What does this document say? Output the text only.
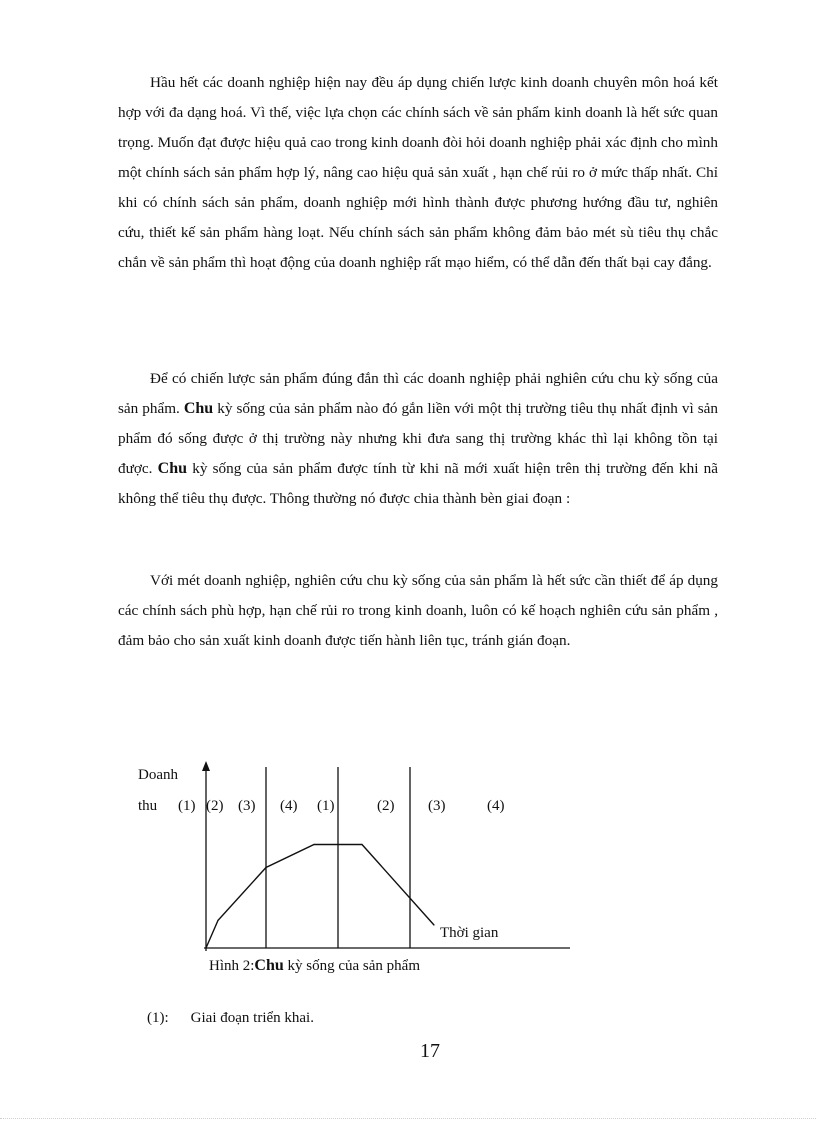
Hầu hết các doanh nghiệp hiện nay đều áp dụng chiến lược kinh doanh chuyên môn hoá kết hợp với đa dạng hoá. Vì thế, việc lựa chọn các chính sách về sản phẩm kinh doanh là hết sức quan trọng. Muốn đạt được hiệu quả cao trong kinh doanh đòi hỏi doanh nghiệp phải xác định cho mình một chính sách sản phẩm hợp lý, nâng cao hiệu quả sản xuất , hạn chế rủi ro ở mức thấp nhất. Chỉ khi có chính sách sản phẩm, doanh nghiệp mới hình thành được phương hướng đầu tư, nghiên cứu, thiết kế sản phẩm hàng loạt. Nếu chính sách sản phẩm không đảm bảo mét sù tiêu thụ chắc chắn về sản phẩm thì hoạt động của doanh nghiệp rất mạo hiểm, có thể dẫn đến thất bại cay đắng.

Để có chiến lược sản phẩm đúng đắn thì các doanh nghiệp phải nghiên cứu chu kỳ sống của sản phẩm. Chu kỳ sống của sản phẩm nào đó gắn liền với một thị trường tiêu thụ nhất định vì sản phẩm đó sống được ở thị trường này nhưng khi đưa sang thị trường khác thì lại không tồn tại được. Chu kỳ sống của sản phẩm được tính từ khi nã mới xuất hiện trên thị trường đến khi nã không thể tiêu thụ được. Thông thường nó được chia thành bèn giai đoạn :

Với mét doanh nghiệp, nghiên cứu chu kỳ sống của sản phẩm là hết sức cần thiết để áp dụng các chính sách phù hợp, hạn chế rủi ro trong kinh doanh, luôn có kế hoạch nghiên cứu sản phẩm , đảm bảo cho sản xuất kinh doanh được tiến hành liên tục, tránh gián đoạn.

Doanh
thu (1) (2) (3) (4) (1)	(2) (3)	(4)
Thời gian
Hình 2:Chu kỳ sống của sản phẩm
(1): Giai đoạn triển khai.
17
